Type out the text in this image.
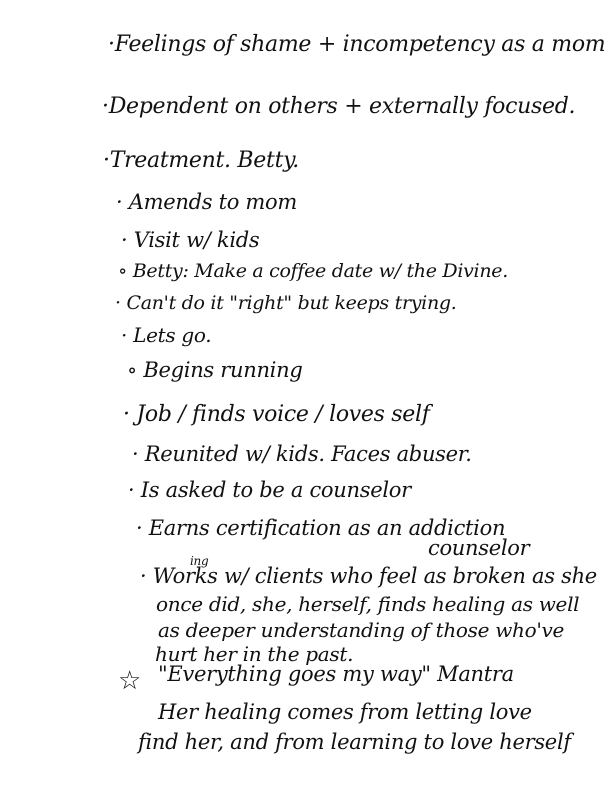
·Feelings of shame + incompetency as a mom
·Dependent on others + externally focused.
·Treatment. Betty.
· Amends to mom
· Visit w/ kids
∘ Betty: Make a coffee date w/ the Divine.
· Can't do it "right" but keeps trying.
· Lets go.
∘ Begins running
· Job / finds voice / loves self
· Reunited w/ kids. Faces abuser.
· Is asked to be a counselor
· Earns certification as an addiction
counselor
ing
· Works w/ clients who feel as broken as she
once did, she, herself, finds healing as well
as deeper understanding of those who've
hurt her in the past.
☆ "Everything goes my way" Mantra
Her healing comes from letting love
find her, and from learning to love herself
